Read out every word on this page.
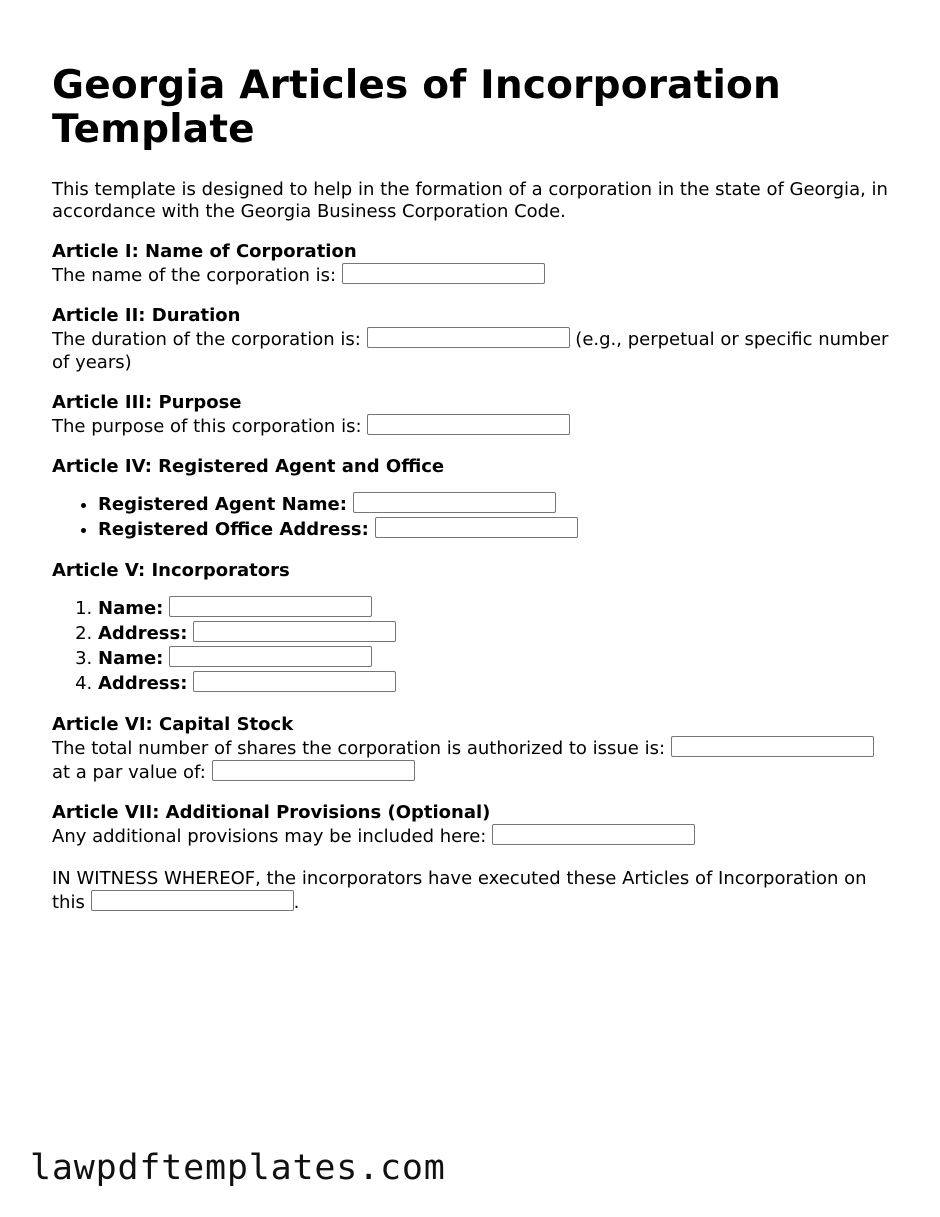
Georgia Articles of Incorporation Template
This template is designed to help in the formation of a corporation in the state of Georgia, in accordance with the Georgia Business Corporation Code.
Article I: Name of Corporation
The name of the corporation is:
Article II: Duration
The duration of the corporation is:	(e.g., perpetual or specific number of years)
Article III: Purpose
The purpose of this corporation is:
Article IV: Registered Agent and Office
• Registered Agent Name:
• Registered Office Address:
Article V: Incorporators
1. Name:
2. Address:
3. Name:
4. Address:
Article VI: Capital Stock
The total number of shares the corporation is authorized to issue is:
at a par value of:
Article VII: Additional Provisions (Optional)
Any additional provisions may be included here:
IN WITNESS WHEREOF, the incorporators have executed these Articles of Incorporation on this	.
lawpdftemplates.com
